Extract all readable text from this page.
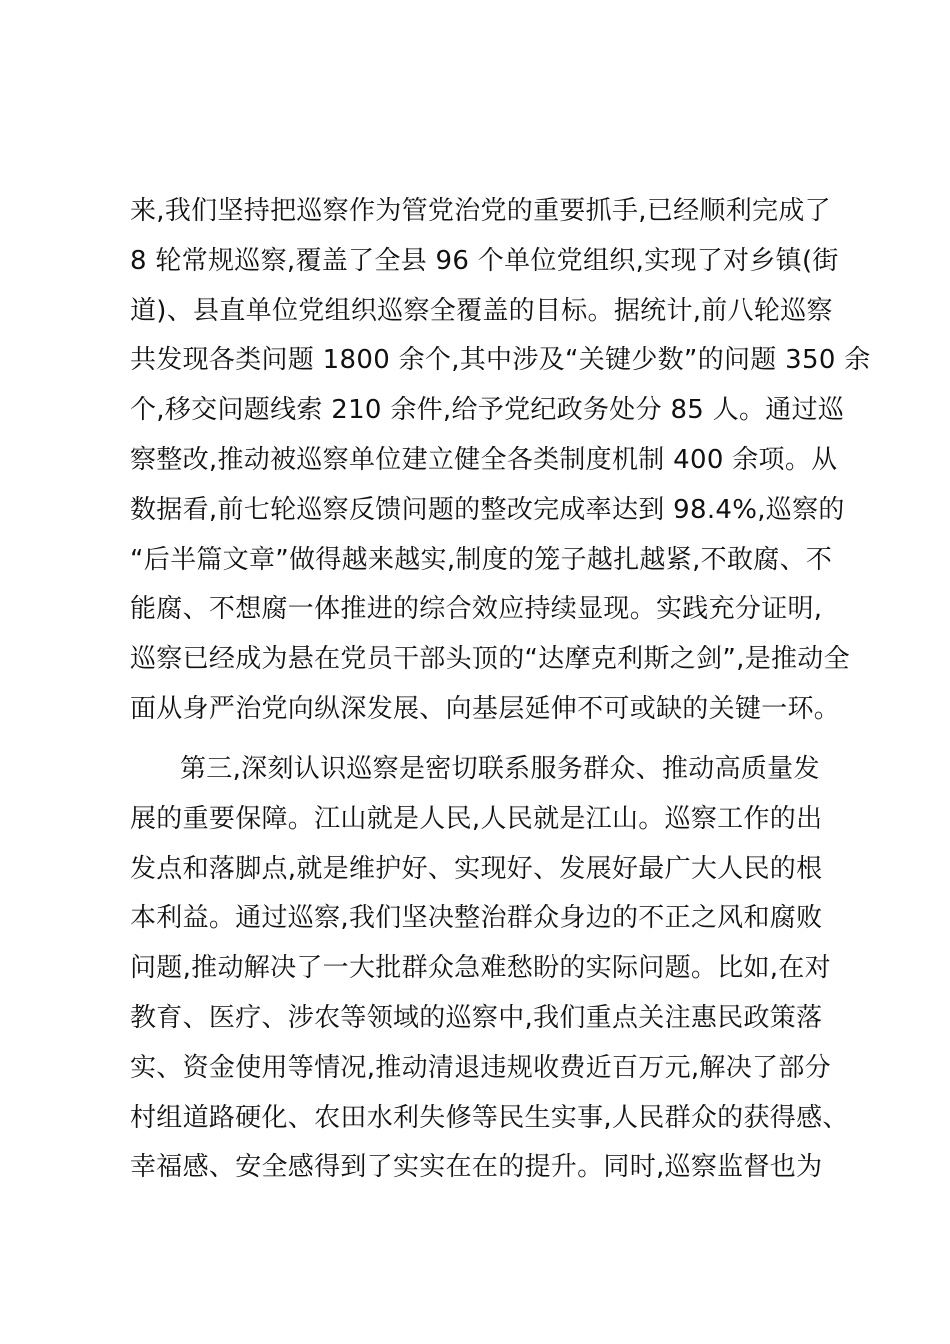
来,我们坚持把巡察作为管党治党的重要抓手,已经顺利完成了
8 轮常规巡察,覆盖了全县 96 个单位党组织,实现了对乡镇(街
道)、县直单位党组织巡察全覆盖的目标。据统计,前八轮巡察
共发现各类问题 1800 余个,其中涉及“关键少数”的问题 350 余
个,移交问题线索 210 余件,给予党纪政务处分 85 人。通过巡
察整改,推动被巡察单位建立健全各类制度机制 400 余项。从
数据看,前七轮巡察反馈问题的整改完成率达到 98.4%,巡察的
“后半篇文章”做得越来越实,制度的笼子越扎越紧,不敢腐、不
能腐、不想腐一体推进的综合效应持续显现。实践充分证明,
巡察已经成为悬在党员干部头顶的“达摩克利斯之剑”,是推动全
面从身严治党向纵深发展、向基层延伸不可或缺的关键一环。
第三,深刻认识巡察是密切联系服务群众、推动高质量发
展的重要保障。江山就是人民,人民就是江山。巡察工作的出
发点和落脚点,就是维护好、实现好、发展好最广大人民的根
本利益。通过巡察,我们坚决整治群众身边的不正之风和腐败
问题,推动解决了一大批群众急难愁盼的实际问题。比如,在对
教育、医疗、涉农等领域的巡察中,我们重点关注惠民政策落
实、资金使用等情况,推动清退违规收费近百万元,解决了部分
村组道路硬化、农田水利失修等民生实事,人民群众的获得感、
幸福感、安全感得到了实实在在的提升。同时,巡察监督也为
